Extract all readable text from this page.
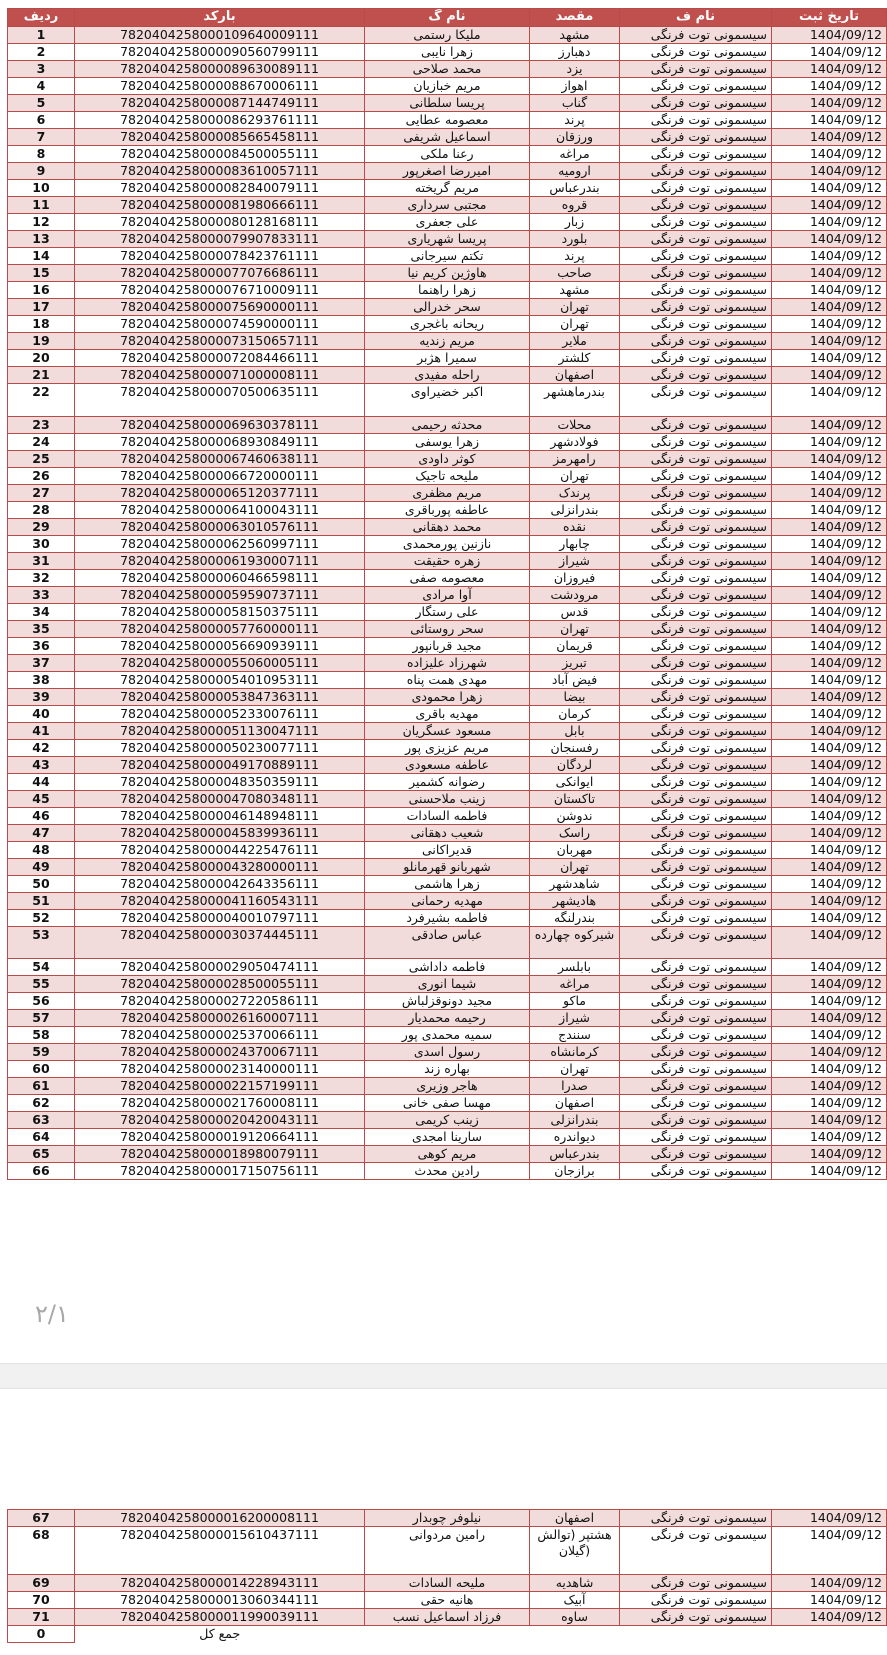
ردیف	بارکد	نام گ	مقصد	نام ف	تاریخ ثبت
1	7820404258000109640009111	ملیکا رستمی	مشهد	سیسمونی توت فرنگی	1404/09/12
2	7820404258000090560799111	زهرا نایبی	دهبارز	سیسمونی توت فرنگی	1404/09/12
3	7820404258000089630089111	محمد صلاحی	یزد	سیسمونی توت فرنگی	1404/09/12
4	7820404258000088670006111	مریم خبازیان	اهواز	سیسمونی توت فرنگی	1404/09/12
5	7820404258000087144749111	پریسا سلطانی	گناب	سیسمونی توت فرنگی	1404/09/12
6	7820404258000086293761111	معصومه عطایی	پرند	سیسمونی توت فرنگی	1404/09/12
7	7820404258000085665458111	اسماعیل شریفی	ورزقان	سیسمونی توت فرنگی	1404/09/12
8	7820404258000084500055111	رعنا ملکی	مراغه	سیسمونی توت فرنگی	1404/09/12
9	7820404258000083610057111	امیررضا اصغرپور	ارومیه	سیسمونی توت فرنگی	1404/09/12
10	7820404258000082840079111	مریم گریخته	بندرعباس	سیسمونی توت فرنگی	1404/09/12
11	7820404258000081980666111	مجتبی سرداری	قروه	سیسمونی توت فرنگی	1404/09/12
12	7820404258000080128168111	علی جعفری	زبار	سیسمونی توت فرنگی	1404/09/12
13	7820404258000079907833111	پریسا شهریاری	بلورد	سیسمونی توت فرنگی	1404/09/12
14	7820404258000078423761111	تکتم سیرجانی	پرند	سیسمونی توت فرنگی	1404/09/12
15	7820404258000077076686111	هاوژین کریم نیا	صاحب	سیسمونی توت فرنگی	1404/09/12
16	7820404258000076710009111	زهرا راهنما	مشهد	سیسمونی توت فرنگی	1404/09/12
17	7820404258000075690000111	سحر خدرالی	تهران	سیسمونی توت فرنگی	1404/09/12
18	7820404258000074590000111	ریحانه باغجری	تهران	سیسمونی توت فرنگی	1404/09/12
19	7820404258000073150657111	مریم زندیه	ملایر	سیسمونی توت فرنگی	1404/09/12
20	7820404258000072084466111	سمیرا هژبر	کلشتر	سیسمونی توت فرنگی	1404/09/12
21	7820404258000071000008111	راحله مفیدی	اصفهان	سیسمونی توت فرنگی	1404/09/12
22	7820404258000070500635111	اکبر خضیراوی	بندرماهشهر	سیسمونی توت فرنگی	1404/09/12
23	7820404258000069630378111	محدثه رحیمی	محلات	سیسمونی توت فرنگی	1404/09/12
24	7820404258000068930849111	زهرا یوسفی	فولادشهر	سیسمونی توت فرنگی	1404/09/12
25	7820404258000067460638111	کوثر داودی	رامهرمز	سیسمونی توت فرنگی	1404/09/12
26	7820404258000066720000111	ملیحه تاجیک	تهران	سیسمونی توت فرنگی	1404/09/12
27	7820404258000065120377111	مریم مظفری	پرندک	سیسمونی توت فرنگی	1404/09/12
28	7820404258000064100043111	عاطفه پورباقری	بندرانزلی	سیسمونی توت فرنگی	1404/09/12
29	7820404258000063010576111	محمد دهقانی	نقده	سیسمونی توت فرنگی	1404/09/12
30	7820404258000062560997111	نازنین پورمحمدی	چابهار	سیسمونی توت فرنگی	1404/09/12
31	7820404258000061930007111	زهره حقیقت	شیراز	سیسمونی توت فرنگی	1404/09/12
32	7820404258000060466598111	معصومه صفی	فیروزان	سیسمونی توت فرنگی	1404/09/12
33	7820404258000059590737111	آوا مرادی	مرودشت	سیسمونی توت فرنگی	1404/09/12
34	7820404258000058150375111	علی رستگار	قدس	سیسمونی توت فرنگی	1404/09/12
35	7820404258000057760000111	سحر روستائی	تهران	سیسمونی توت فرنگی	1404/09/12
36	7820404258000056690939111	مجید قربانپور	قریمان	سیسمونی توت فرنگی	1404/09/12
37	7820404258000055060005111	شهرزاد علیزاده	تبریز	سیسمونی توت فرنگی	1404/09/12
38	7820404258000054010953111	مهدی همت پناه	فیض آباد	سیسمونی توت فرنگی	1404/09/12
39	7820404258000053847363111	زهرا محمودی	بیضا	سیسمونی توت فرنگی	1404/09/12
40	7820404258000052330076111	مهدیه باقری	کرمان	سیسمونی توت فرنگی	1404/09/12
41	7820404258000051130047111	مسعود عسگریان	بابل	سیسمونی توت فرنگی	1404/09/12
42	7820404258000050230077111	مریم عزیزی پور	رفسنجان	سیسمونی توت فرنگی	1404/09/12
43	7820404258000049170889111	عاطفه مسعودی	لردگان	سیسمونی توت فرنگی	1404/09/12
44	7820404258000048350359111	رضوانه کشمیر	ایوانکی	سیسمونی توت فرنگی	1404/09/12
45	7820404258000047080348111	زینب ملاحسنی	تاکستان	سیسمونی توت فرنگی	1404/09/12
46	7820404258000046148948111	فاطمه السادات	ندوشن	سیسمونی توت فرنگی	1404/09/12
47	7820404258000045839936111	شعیب دهقانی	راسک	سیسمونی توت فرنگی	1404/09/12
48	7820404258000044225476111	قدیراکانی	مهربان	سیسمونی توت فرنگی	1404/09/12
49	7820404258000043280000111	شهربانو قهرمانلو	تهران	سیسمونی توت فرنگی	1404/09/12
50	7820404258000042643356111	زهرا هاشمی	شاهدشهر	سیسمونی توت فرنگی	1404/09/12
51	7820404258000041160543111	مهدیه رحمانی	هادیشهر	سیسمونی توت فرنگی	1404/09/12
52	7820404258000040010797111	فاطمه بشیرفرد	بندرلنگه	سیسمونی توت فرنگی	1404/09/12
53	7820404258000030374445111	عباس صادقی	شیرکوه چهارده	سیسمونی توت فرنگی	1404/09/12
54	7820404258000029050474111	فاطمه داداشی	بابلسر	سیسمونی توت فرنگی	1404/09/12
55	7820404258000028500055111	شیما انوری	مراغه	سیسمونی توت فرنگی	1404/09/12
56	7820404258000027220586111	مجید دونوقزلباش	ماکو	سیسمونی توت فرنگی	1404/09/12
57	7820404258000026160007111	رحیمه محمدیار	شیراز	سیسمونی توت فرنگی	1404/09/12
58	7820404258000025370066111	سمیه محمدی پور	سنندج	سیسمونی توت فرنگی	1404/09/12
59	7820404258000024370067111	رسول اسدی	کرمانشاه	سیسمونی توت فرنگی	1404/09/12
60	7820404258000023140000111	بهاره زند	تهران	سیسمونی توت فرنگی	1404/09/12
61	7820404258000022157199111	هاجر وزیری	صدرا	سیسمونی توت فرنگی	1404/09/12
62	7820404258000021760008111	مهسا صفی خانی	اصفهان	سیسمونی توت فرنگی	1404/09/12
63	7820404258000020420043111	زینب کریمی	بندرانزلی	سیسمونی توت فرنگی	1404/09/12
64	7820404258000019120664111	سارینا امجدی	دیواندره	سیسمونی توت فرنگی	1404/09/12
65	7820404258000018980079111	مریم کوهی	بندرعباس	سیسمونی توت فرنگی	1404/09/12
66	7820404258000017150756111	رادین محدث	برازجان	سیسمونی توت فرنگی	1404/09/12
۲/۱
67	7820404258000016200008111	نیلوفر چوبدار	اصفهان	سیسمونی توت فرنگی	1404/09/12
68	7820404258000015610437111	رامین مردوانی	هشتپر (توالش (گیلان	سیسمونی توت فرنگی	1404/09/12
69	7820404258000014228943111	ملیحه السادات	شاهدیه	سیسمونی توت فرنگی	1404/09/12
70	7820404258000013060344111	هانیه حقی	آبیک	سیسمونی توت فرنگی	1404/09/12
71	7820404258000011990039111	فرزاد اسماعیل نسب	ساوه	سیسمونی توت فرنگی	1404/09/12
0	جمع کل				
